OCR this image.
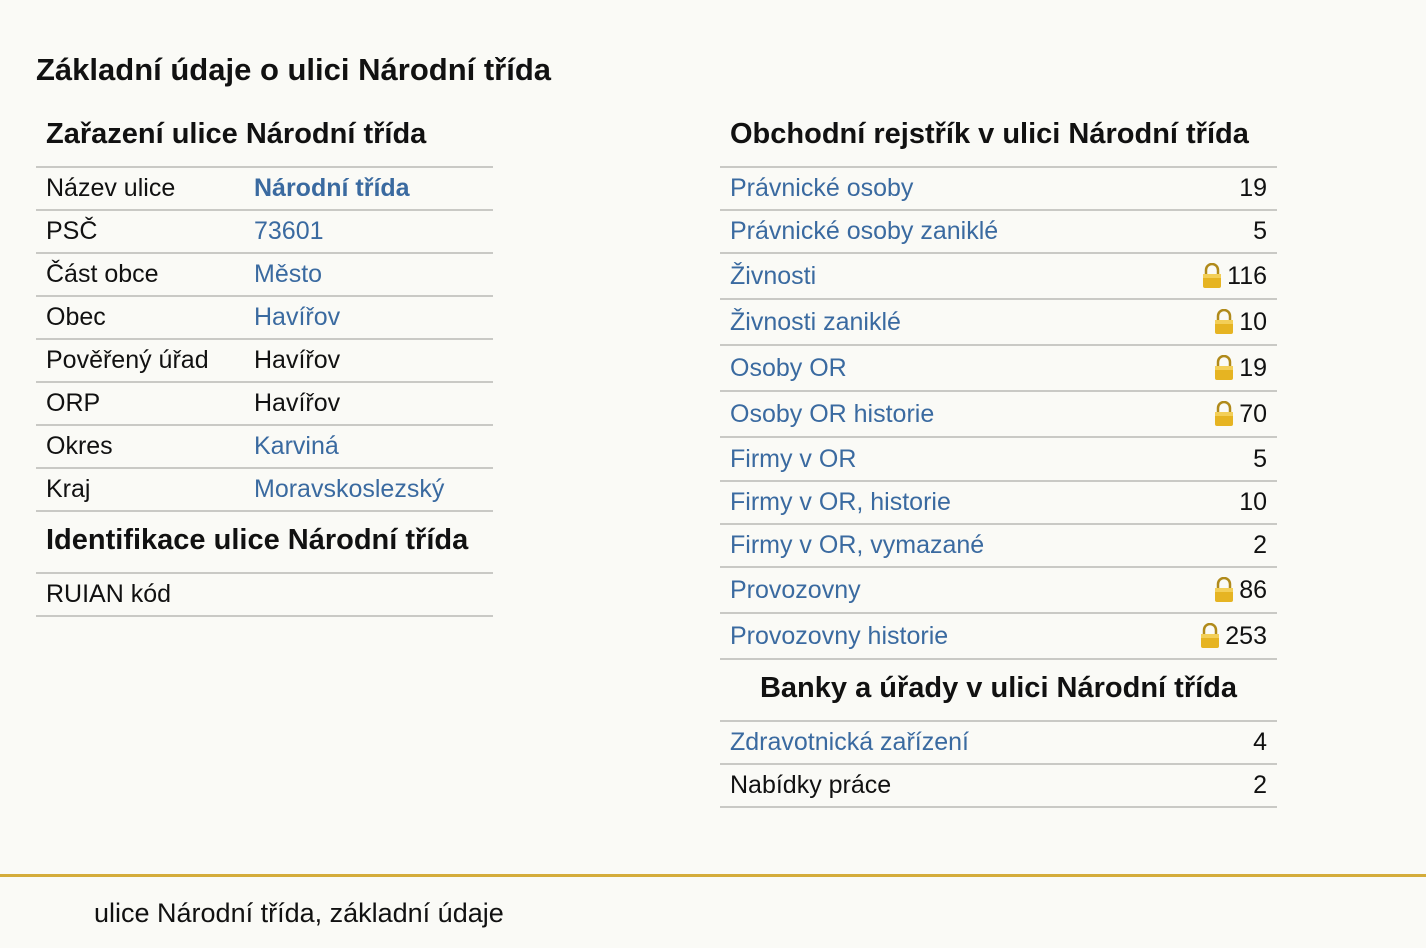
Základní údaje o ulici Národní třída
Zařazení ulice Národní třída
Název ulice	Národní třída
PSČ	73601
Část obce	Město
Obec	Havířov
Pověřený úřad	Havířov
ORP	Havířov
Okres	Karviná
Kraj	Moravskoslezský
Identifikace ulice Národní třída
RUIAN kód
Obchodní rejstřík v ulici Národní třída
Právnické osoby	19
Právnické osoby zaniklé	5
Živnosti	116
Živnosti zaniklé	10
Osoby OR	19
Osoby OR historie	70
Firmy v OR	5
Firmy v OR, historie	10
Firmy v OR, vymazané	2
Provozovny	86
Provozovny historie	253
Banky a úřady v ulici Národní třída
Zdravotnická zařízení	4
Nabídky práce	2
ulice Národní třída, základní údaje
